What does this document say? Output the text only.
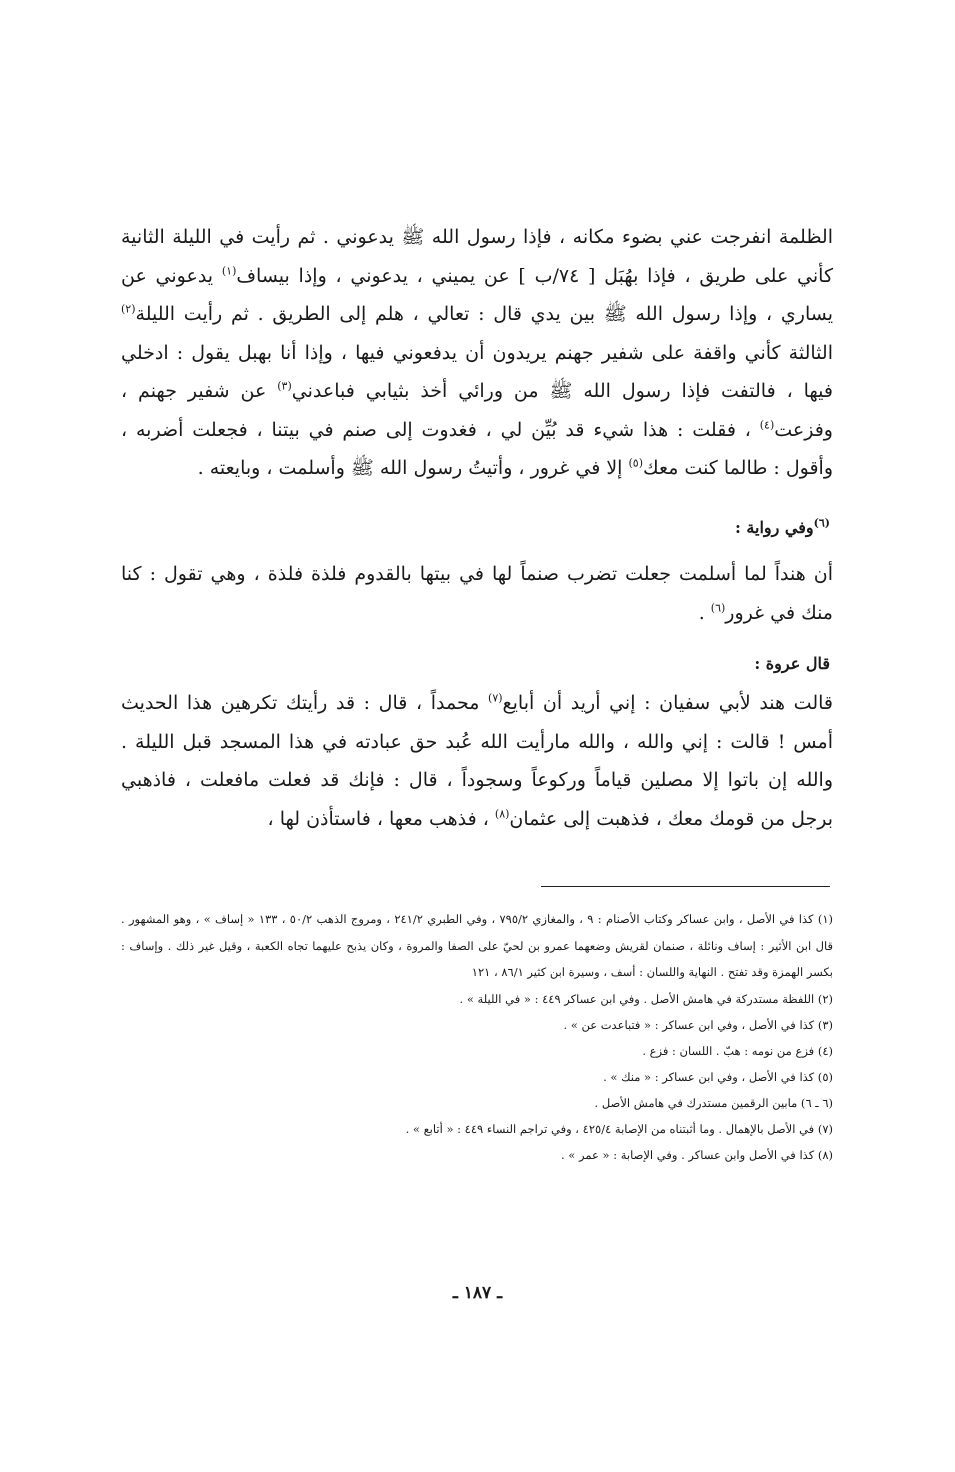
الظلمة انفرجت عني بضوء مكانه ، فإذا رسول الله ﷺ يدعوني . ثم رأيت في الليلة الثانية كأني على طريق ، فإذا بهُبَل [ ٧٤/ب ] عن يميني ، يدعوني ، وإذا بيساف$^{(١)}$ يدعوني عن يساري ، وإذا رسول الله ﷺ بين يدي قال : تعالي ، هلم إلى الطريق . ثم رأيت الليلة$^{(٢)}$ الثالثة كأني واقفة على شفير جهنم يريدون أن يدفعوني فيها ، وإذا أنا بهبل يقول : ادخلي فيها ، فالتفت فإذا رسول الله ﷺ من ورائي أخذ بثيابي فباعدني$^{(٣)}$ عن شفير جهنم ، وفزعت$^{(٤)}$ ، فقلت : هذا شيء قد بُيِّن لي ، فغدوت إلى صنم في بيتنا ، فجعلت أضربه ، وأقول : طالما كنت معك$^{(٥)}$ إلا في غرور ، وأتيتُ رسول الله ﷺ وأسلمت ، وبايعته .

$^{(٦)}$وفي رواية :

أن هنداً لما أسلمت جعلت تضرب صنماً لها في بيتها بالقدوم فلذة فلذة ، وهي تقول : كنا منك في غرور$^{(٦)}$ .

قال عروة :

قالت هند لأبي سفيان : إني أريد أن أبايع$^{(٧)}$ محمداً ، قال : قد رأيتك تكرهين هذا الحديث أمس ! قالت : إني والله ، والله مارأيت الله عُبد حق عبادته في هذا المسجد قبل الليلة . والله إن باتوا إلا مصلين قياماً وركوعاً وسجوداً ، قال : فإنك قد فعلت مافعلت ، فاذهبي برجل من قومك معك ، فذهبت إلى عثمان$^{(٨)}$ ، فذهب معها ، فاستأذن لها ،

(١) كذا في الأصل ، وابن عساكر وكتاب الأصنام : ٩ ، والمغازي ٧٩٥/٢ ، وفي الطبري ٢٤١/٢ ، ومروج الذهب ٥٠/٢ ، ١٣٣ « إساف » ، وهو المشهور . قال ابن الأثير : إساف ونائلة ، صنمان لقريش وضعهما عمرو بن لحيّ على الصفا والمروة ، وكان يذبح عليهما تجاه الكعبة ، وقيل غير ذلك . وإساف : بكسر الهمزة وقد تفتح . النهاية واللسان : أسف ، وسيرة ابن كثير ٨٦/١ ، ١٢١
(٢) اللفظة مستدركة في هامش الأصل . وفي ابن عساكر ٤٤٩ : « في الليلة » .
(٣) كذا في الأصل ، وفي ابن عساكر : « فتباعدت عن » .
(٤) فزع من نومه : هبّ . اللسان : فزع .
(٥) كذا في الأصل ، وفي ابن عساكر : « منك » .
(٦ ـ ٦) مابين الرقمين مستدرك في هامش الأصل .
(٧) في الأصل بالإهمال . وما أثبتناه من الإصابة ٤٢٥/٤ ، وفي تراجم النساء ٤٤٩ : « أتابع » .
(٨) كذا في الأصل وابن عساكر . وفي الإصابة : « عمر » .

ـ ١٨٧ ـ
